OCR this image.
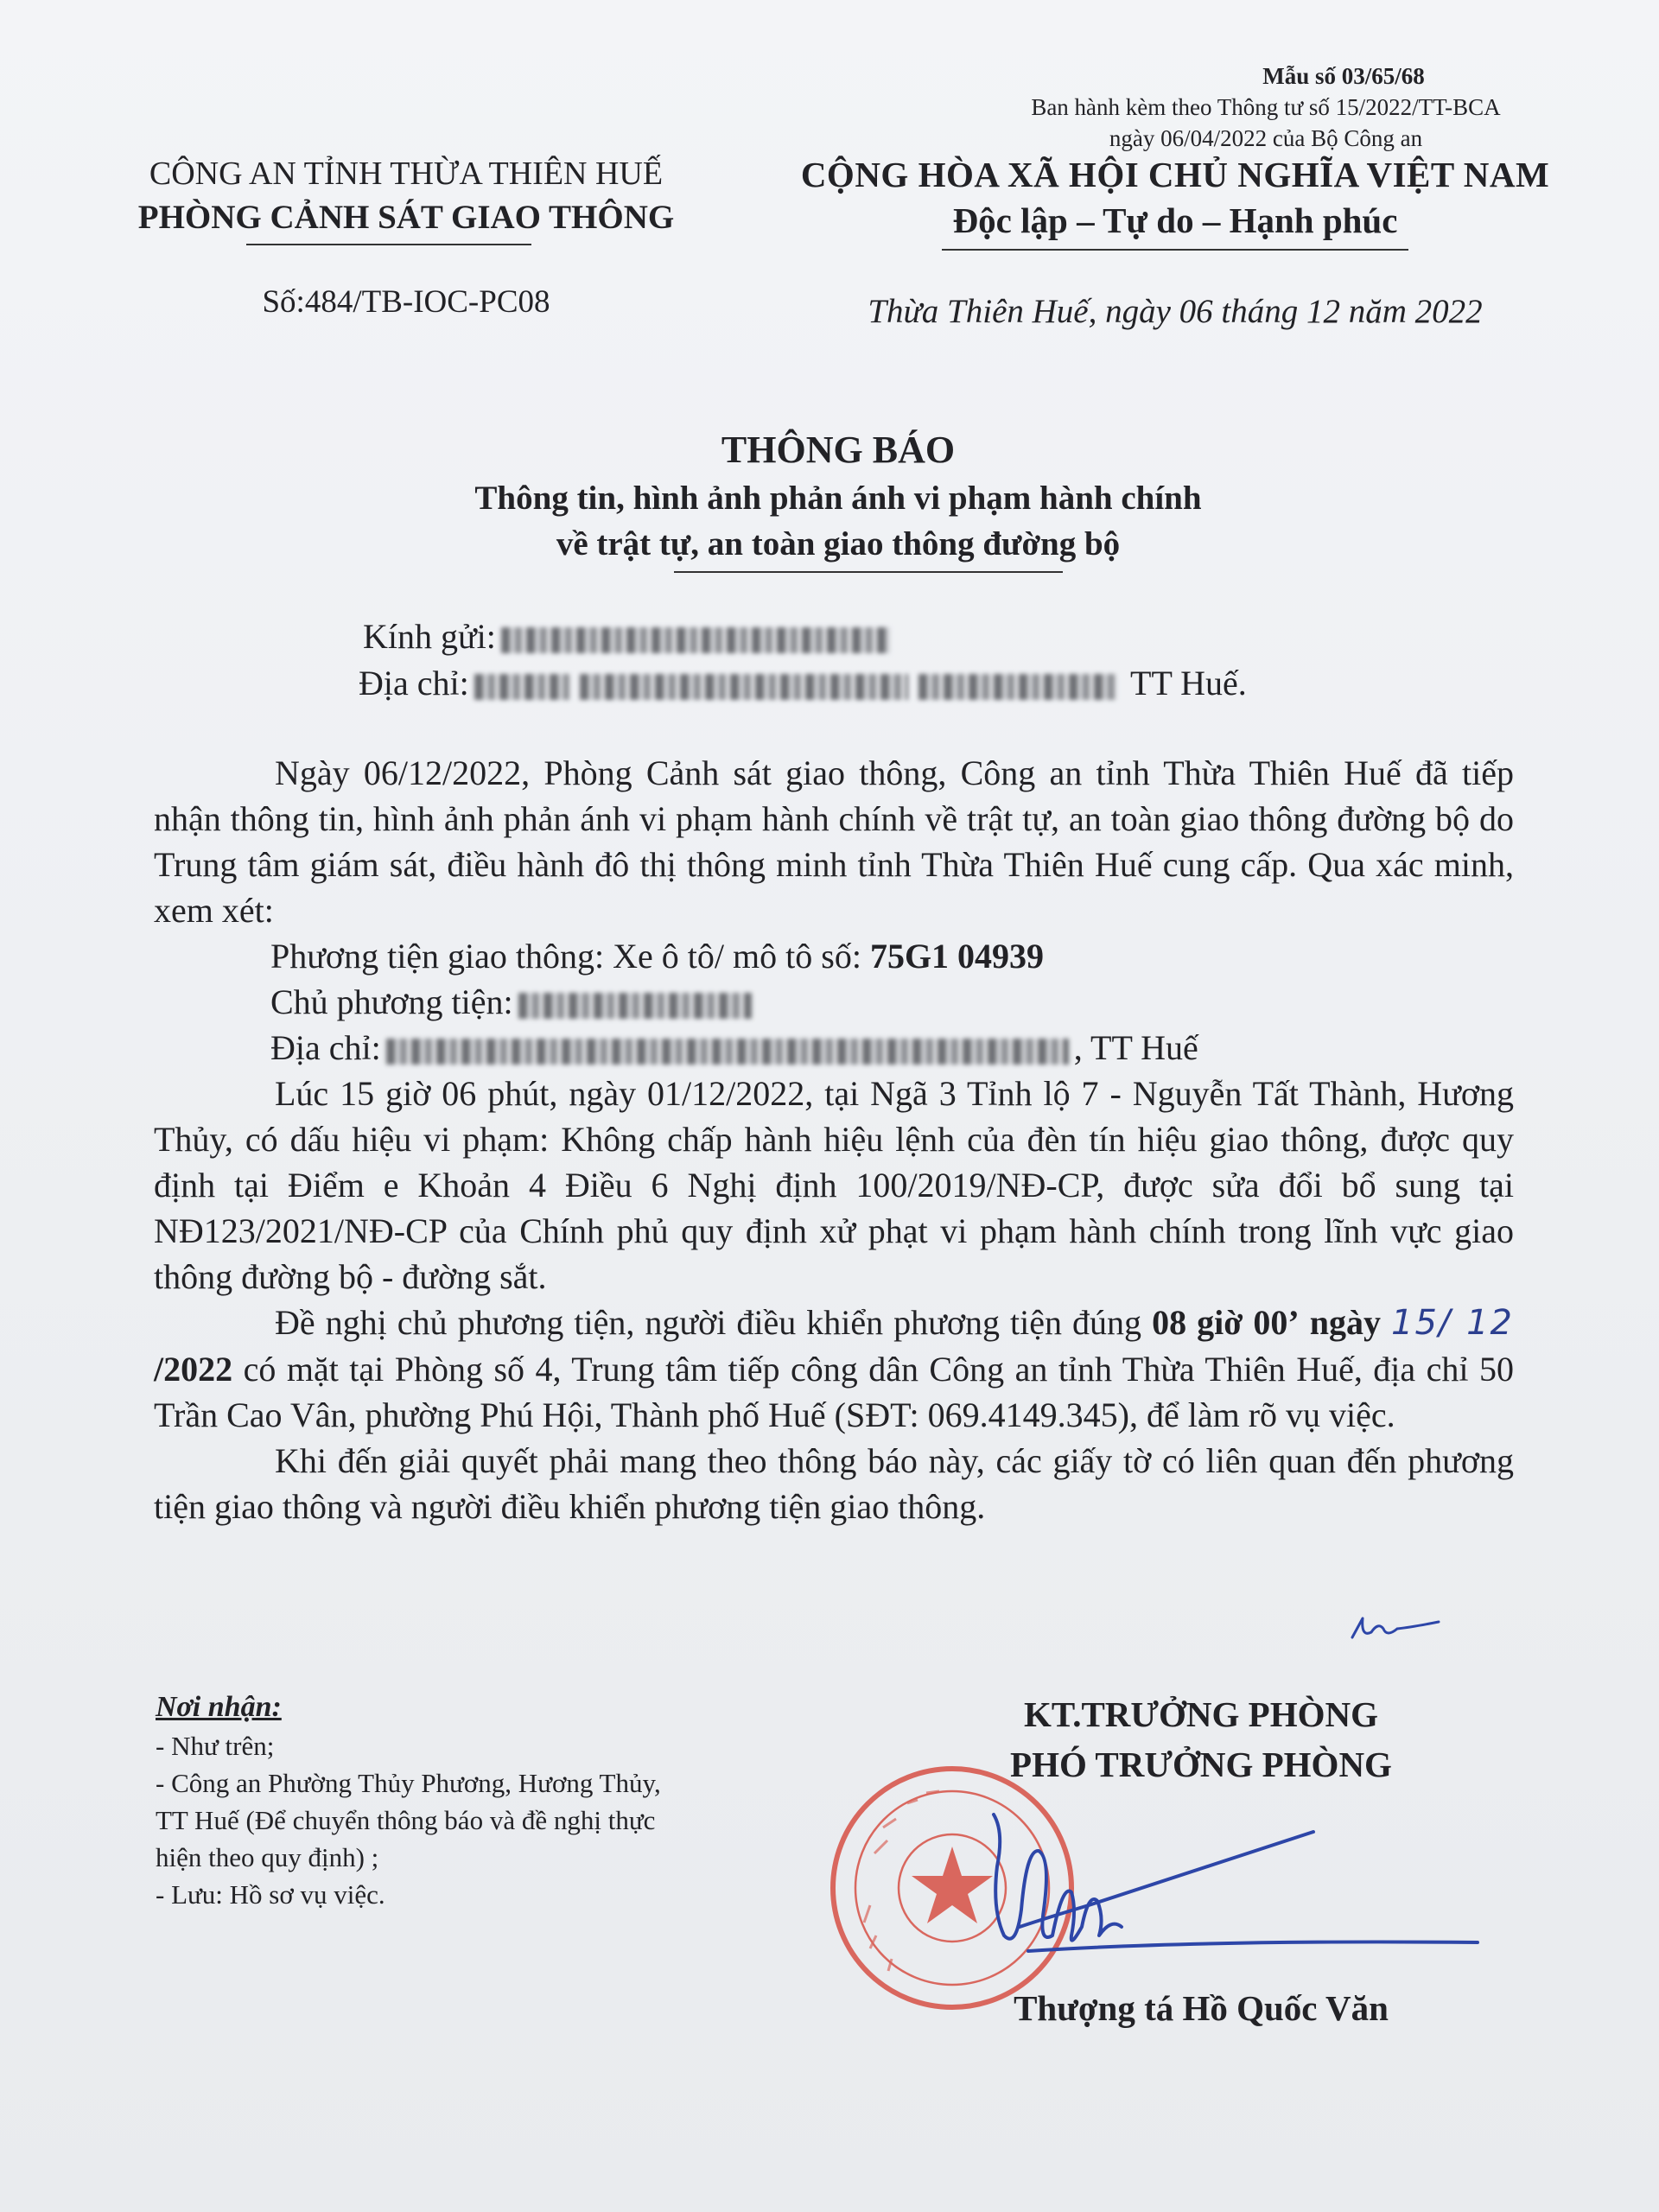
Mẫu số 03/65/68
Ban hành kèm theo Thông tư số 15/2022/TT-BCA
ngày 06/04/2022 của Bộ Công an
CÔNG AN TỈNH THỪA THIÊN HUẾ
PHÒNG CẢNH SÁT GIAO THÔNG
Số:484/TB-IOC-PC08
CỘNG HÒA XÃ HỘI CHỦ NGHĨA VIỆT NAM
Độc lập – Tự do – Hạnh phúc
Thừa Thiên Huế, ngày 06 tháng 12 năm 2022
THÔNG BÁO
Thông tin, hình ảnh phản ánh vi phạm hành chính
về trật tự, an toàn giao thông đường bộ
Kính gửi:
Địa chỉ:	TT Huế.
Ngày 06/12/2022, Phòng Cảnh sát giao thông, Công an tỉnh Thừa Thiên Huế đã tiếp nhận thông tin, hình ảnh phản ánh vi phạm hành chính về trật tự, an toàn giao thông đường bộ do Trung tâm giám sát, điều hành đô thị thông minh tỉnh Thừa Thiên Huế cung cấp. Qua xác minh, xem xét:
Phương tiện giao thông: Xe ô tô/ mô tô số: 75G1 04939
Chủ phương tiện:
Địa chỉ:	, TT Huế
Lúc 15 giờ 06 phút, ngày 01/12/2022, tại Ngã 3 Tỉnh lộ 7 - Nguyễn Tất Thành, Hương Thủy, có dấu hiệu vi phạm: Không chấp hành hiệu lệnh của đèn tín hiệu giao thông, được quy định tại Điểm e Khoản 4 Điều 6 Nghị định 100/2019/NĐ-CP, được sửa đổi bổ sung tại NĐ123/2021/NĐ-CP của Chính phủ quy định xử phạt vi phạm hành chính trong lĩnh vực giao thông đường bộ - đường sắt.
Đề nghị chủ phương tiện, người điều khiển phương tiện đúng 08 giờ 00’ ngày 15/ 12 /2022 có mặt tại Phòng số 4, Trung tâm tiếp công dân Công an tỉnh Thừa Thiên Huế, địa chỉ 50 Trần Cao Vân, phường Phú Hội, Thành phố Huế (SĐT: 069.4149.345), để làm rõ vụ việc.
Khi đến giải quyết phải mang theo thông báo này, các giấy tờ có liên quan đến phương tiện giao thông và người điều khiển phương tiện giao thông.
Nơi nhận:
- Như trên;
- Công an Phường Thủy Phương, Hương Thủy,
TT Huế (Để chuyển thông báo và đề nghị thực
hiện theo quy định) ;
- Lưu: Hồ sơ vụ việc.
KT.TRƯỞNG PHÒNG
PHÓ TRƯỞNG PHÒNG
Thượng tá Hồ Quốc Văn
